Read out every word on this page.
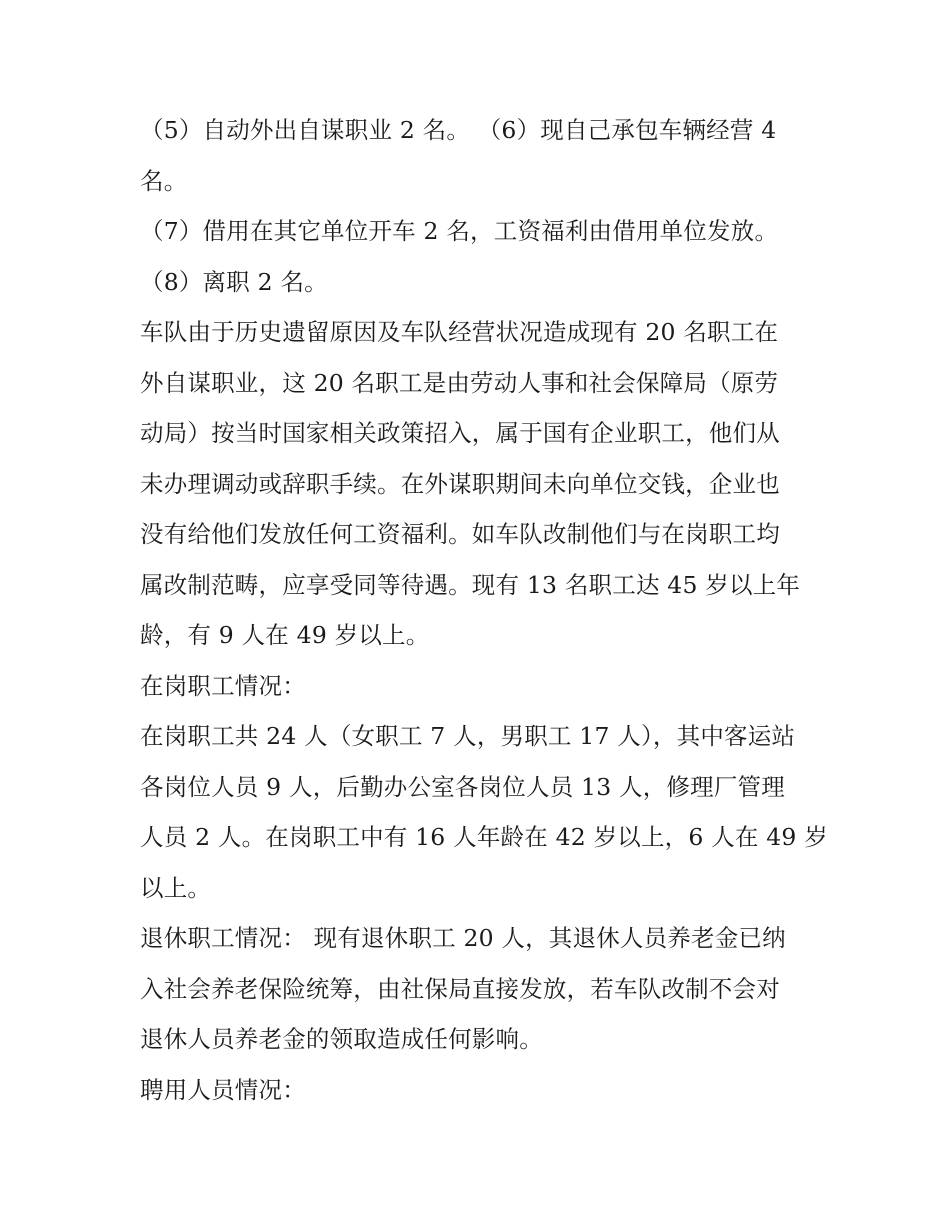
（5）自动外出自谋职业 2 名。 （6）现自己承包车辆经营 4
名。
（7）借用在其它单位开车 2 名，工资福利由借用单位发放。
（8）离职 2 名。
车队由于历史遗留原因及车队经营状况造成现有 20 名职工在
外自谋职业，这 20 名职工是由劳动人事和社会保障局（原劳
动局）按当时国家相关政策招入，属于国有企业职工，他们从
未办理调动或辞职手续。在外谋职期间未向单位交钱，企业也
没有给他们发放任何工资福利。如车队改制他们与在岗职工均
属改制范畴，应享受同等待遇。现有 13 名职工达 45 岁以上年
龄，有 9 人在 49 岁以上。
在岗职工情况：
在岗职工共 24 人（女职工 7 人，男职工 17 人），其中客运站
各岗位人员 9 人，后勤办公室各岗位人员 13 人，修理厂管理
人员 2 人。在岗职工中有 16 人年龄在 42 岁以上，6 人在 49 岁
以上。
退休职工情况： 现有退休职工 20 人，其退休人员养老金已纳
入社会养老保险统筹，由社保局直接发放，若车队改制不会对
退休人员养老金的领取造成任何影响。
聘用人员情况：
